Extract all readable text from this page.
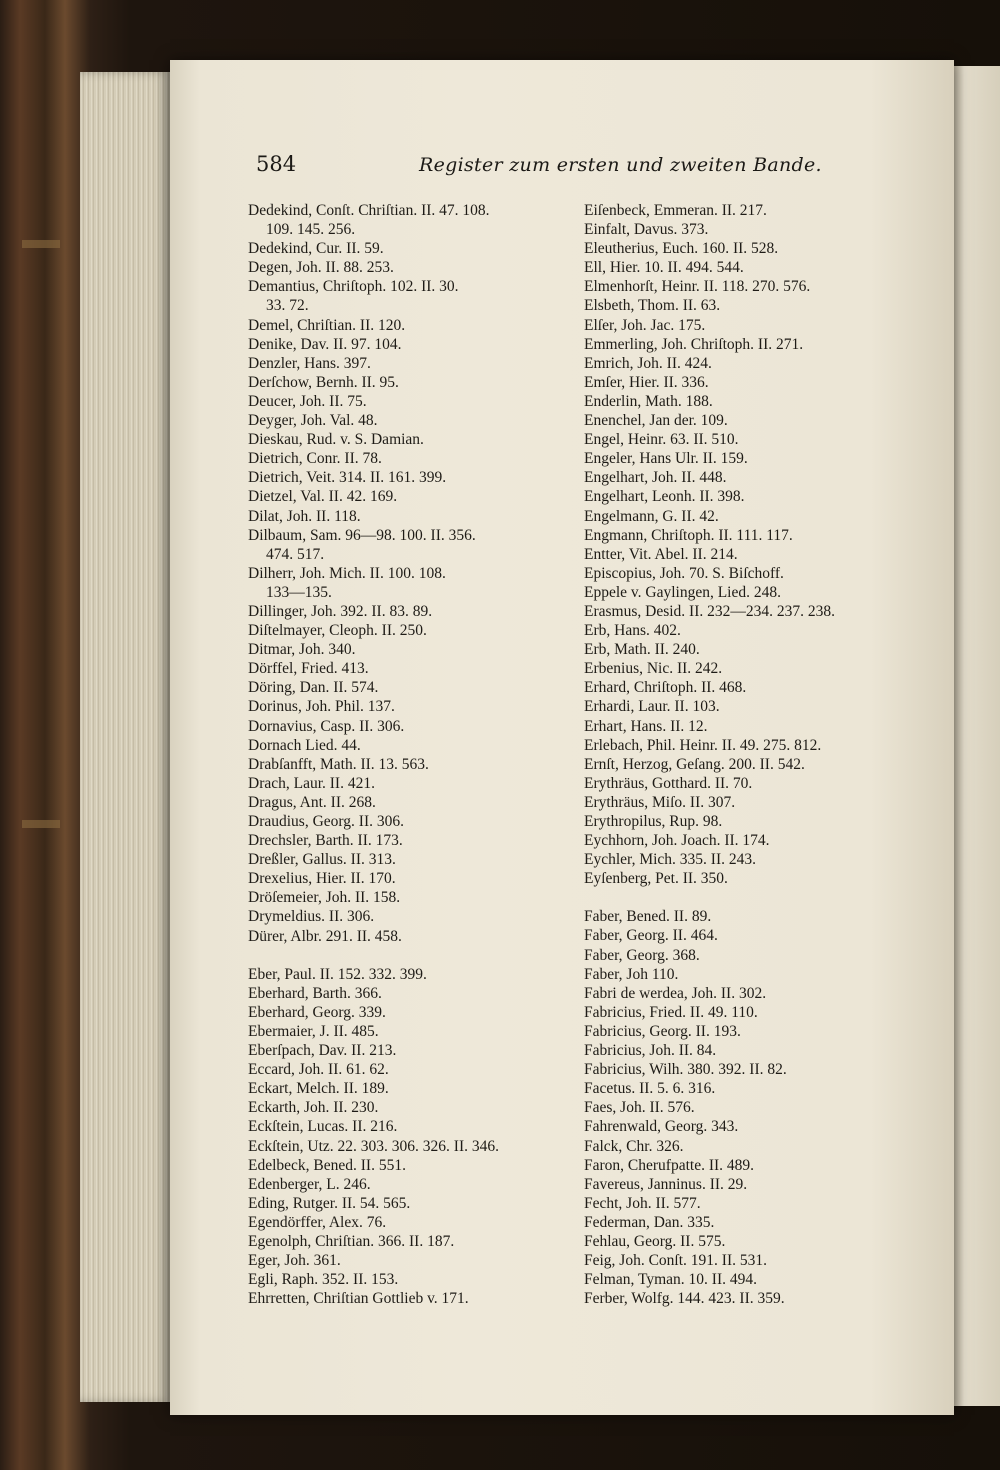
584	Register zum ersten und zweiten Bande.
Dedekind, Conſt. Chriſtian. II. 47. 108.
109. 145. 256.
Dedekind, Cur. II. 59.
Degen, Joh. II. 88. 253.
Demantius, Chriſtoph. 102. II. 30.
33. 72.
Demel, Chriſtian. II. 120.
Denike, Dav. II. 97. 104.
Denzler, Hans. 397.
Derſchow, Bernh. II. 95.
Deucer, Joh. II. 75.
Deyger, Joh. Val. 48.
Dieskau, Rud. v. S. Damian.
Dietrich, Conr. II. 78.
Dietrich, Veit. 314. II. 161. 399.
Dietzel, Val. II. 42. 169.
Dilat, Joh. II. 118.
Dilbaum, Sam. 96—98. 100. II. 356.
474. 517.
Dilherr, Joh. Mich. II. 100. 108.
133—135.
Dillinger, Joh. 392. II. 83. 89.
Diſtelmayer, Cleoph. II. 250.
Ditmar, Joh. 340.
Dörffel, Fried. 413.
Döring, Dan. II. 574.
Dorinus, Joh. Phil. 137.
Dornavius, Casp. II. 306.
Dornach Lied. 44.
Drabſanfft, Math. II. 13. 563.
Drach, Laur. II. 421.
Dragus, Ant. II. 268.
Draudius, Georg. II. 306.
Drechsler, Barth. II. 173.
Dreßler, Gallus. II. 313.
Drexelius, Hier. II. 170.
Dröſemeier, Joh. II. 158.
Drymeldius. II. 306.
Dürer, Albr. 291. II. 458.
Eber, Paul. II. 152. 332. 399.
Eberhard, Barth. 366.
Eberhard, Georg. 339.
Ebermaier, J. II. 485.
Eberſpach, Dav. II. 213.
Eccard, Joh. II. 61. 62.
Eckart, Melch. II. 189.
Eckarth, Joh. II. 230.
Eckſtein, Lucas. II. 216.
Eckſtein, Utz. 22. 303. 306. 326. II. 346.
Edelbeck, Bened. II. 551.
Edenberger, L. 246.
Eding, Rutger. II. 54. 565.
Egendörffer, Alex. 76.
Egenolph, Chriſtian. 366. II. 187.
Eger, Joh. 361.
Egli, Raph. 352. II. 153.
Ehrretten, Chriſtian Gottlieb v. 171.
Eiſenbeck, Emmeran. II. 217.
Einfalt, Davus. 373.
Eleutherius, Euch. 160. II. 528.
Ell, Hier. 10. II. 494. 544.
Elmenhorſt, Heinr. II. 118. 270. 576.
Elsbeth, Thom. II. 63.
Elſer, Joh. Jac. 175.
Emmerling, Joh. Chriſtoph. II. 271.
Emrich, Joh. II. 424.
Emſer, Hier. II. 336.
Enderlin, Math. 188.
Enenchel, Jan der. 109.
Engel, Heinr. 63. II. 510.
Engeler, Hans Ulr. II. 159.
Engelhart, Joh. II. 448.
Engelhart, Leonh. II. 398.
Engelmann, G. II. 42.
Engmann, Chriſtoph. II. 111. 117.
Entter, Vit. Abel. II. 214.
Episcopius, Joh. 70. S. Biſchoff.
Eppele v. Gaylingen, Lied. 248.
Erasmus, Desid. II. 232—234. 237. 238.
Erb, Hans. 402.
Erb, Math. II. 240.
Erbenius, Nic. II. 242.
Erhard, Chriſtoph. II. 468.
Erhardi, Laur. II. 103.
Erhart, Hans. II. 12.
Erlebach, Phil. Heinr. II. 49. 275. 812.
Ernſt, Herzog, Geſang. 200. II. 542.
Erythräus, Gotthard. II. 70.
Erythräus, Miſo. II. 307.
Erythropilus, Rup. 98.
Eychhorn, Joh. Joach. II. 174.
Eychler, Mich. 335. II. 243.
Eyſenberg, Pet. II. 350.
Faber, Bened. II. 89.
Faber, Georg. II. 464.
Faber, Georg. 368.
Faber, Joh 110.
Fabri de werdea, Joh. II. 302.
Fabricius, Fried. II. 49. 110.
Fabricius, Georg. II. 193.
Fabricius, Joh. II. 84.
Fabricius, Wilh. 380. 392. II. 82.
Facetus. II. 5. 6. 316.
Faes, Joh. II. 576.
Fahrenwald, Georg. 343.
Falck, Chr. 326.
Faron, Cherufpatte. II. 489.
Favereus, Janninus. II. 29.
Fecht, Joh. II. 577.
Federman, Dan. 335.
Fehlau, Georg. II. 575.
Feig, Joh. Conſt. 191. II. 531.
Felman, Tyman. 10. II. 494.
Ferber, Wolfg. 144. 423. II. 359.
